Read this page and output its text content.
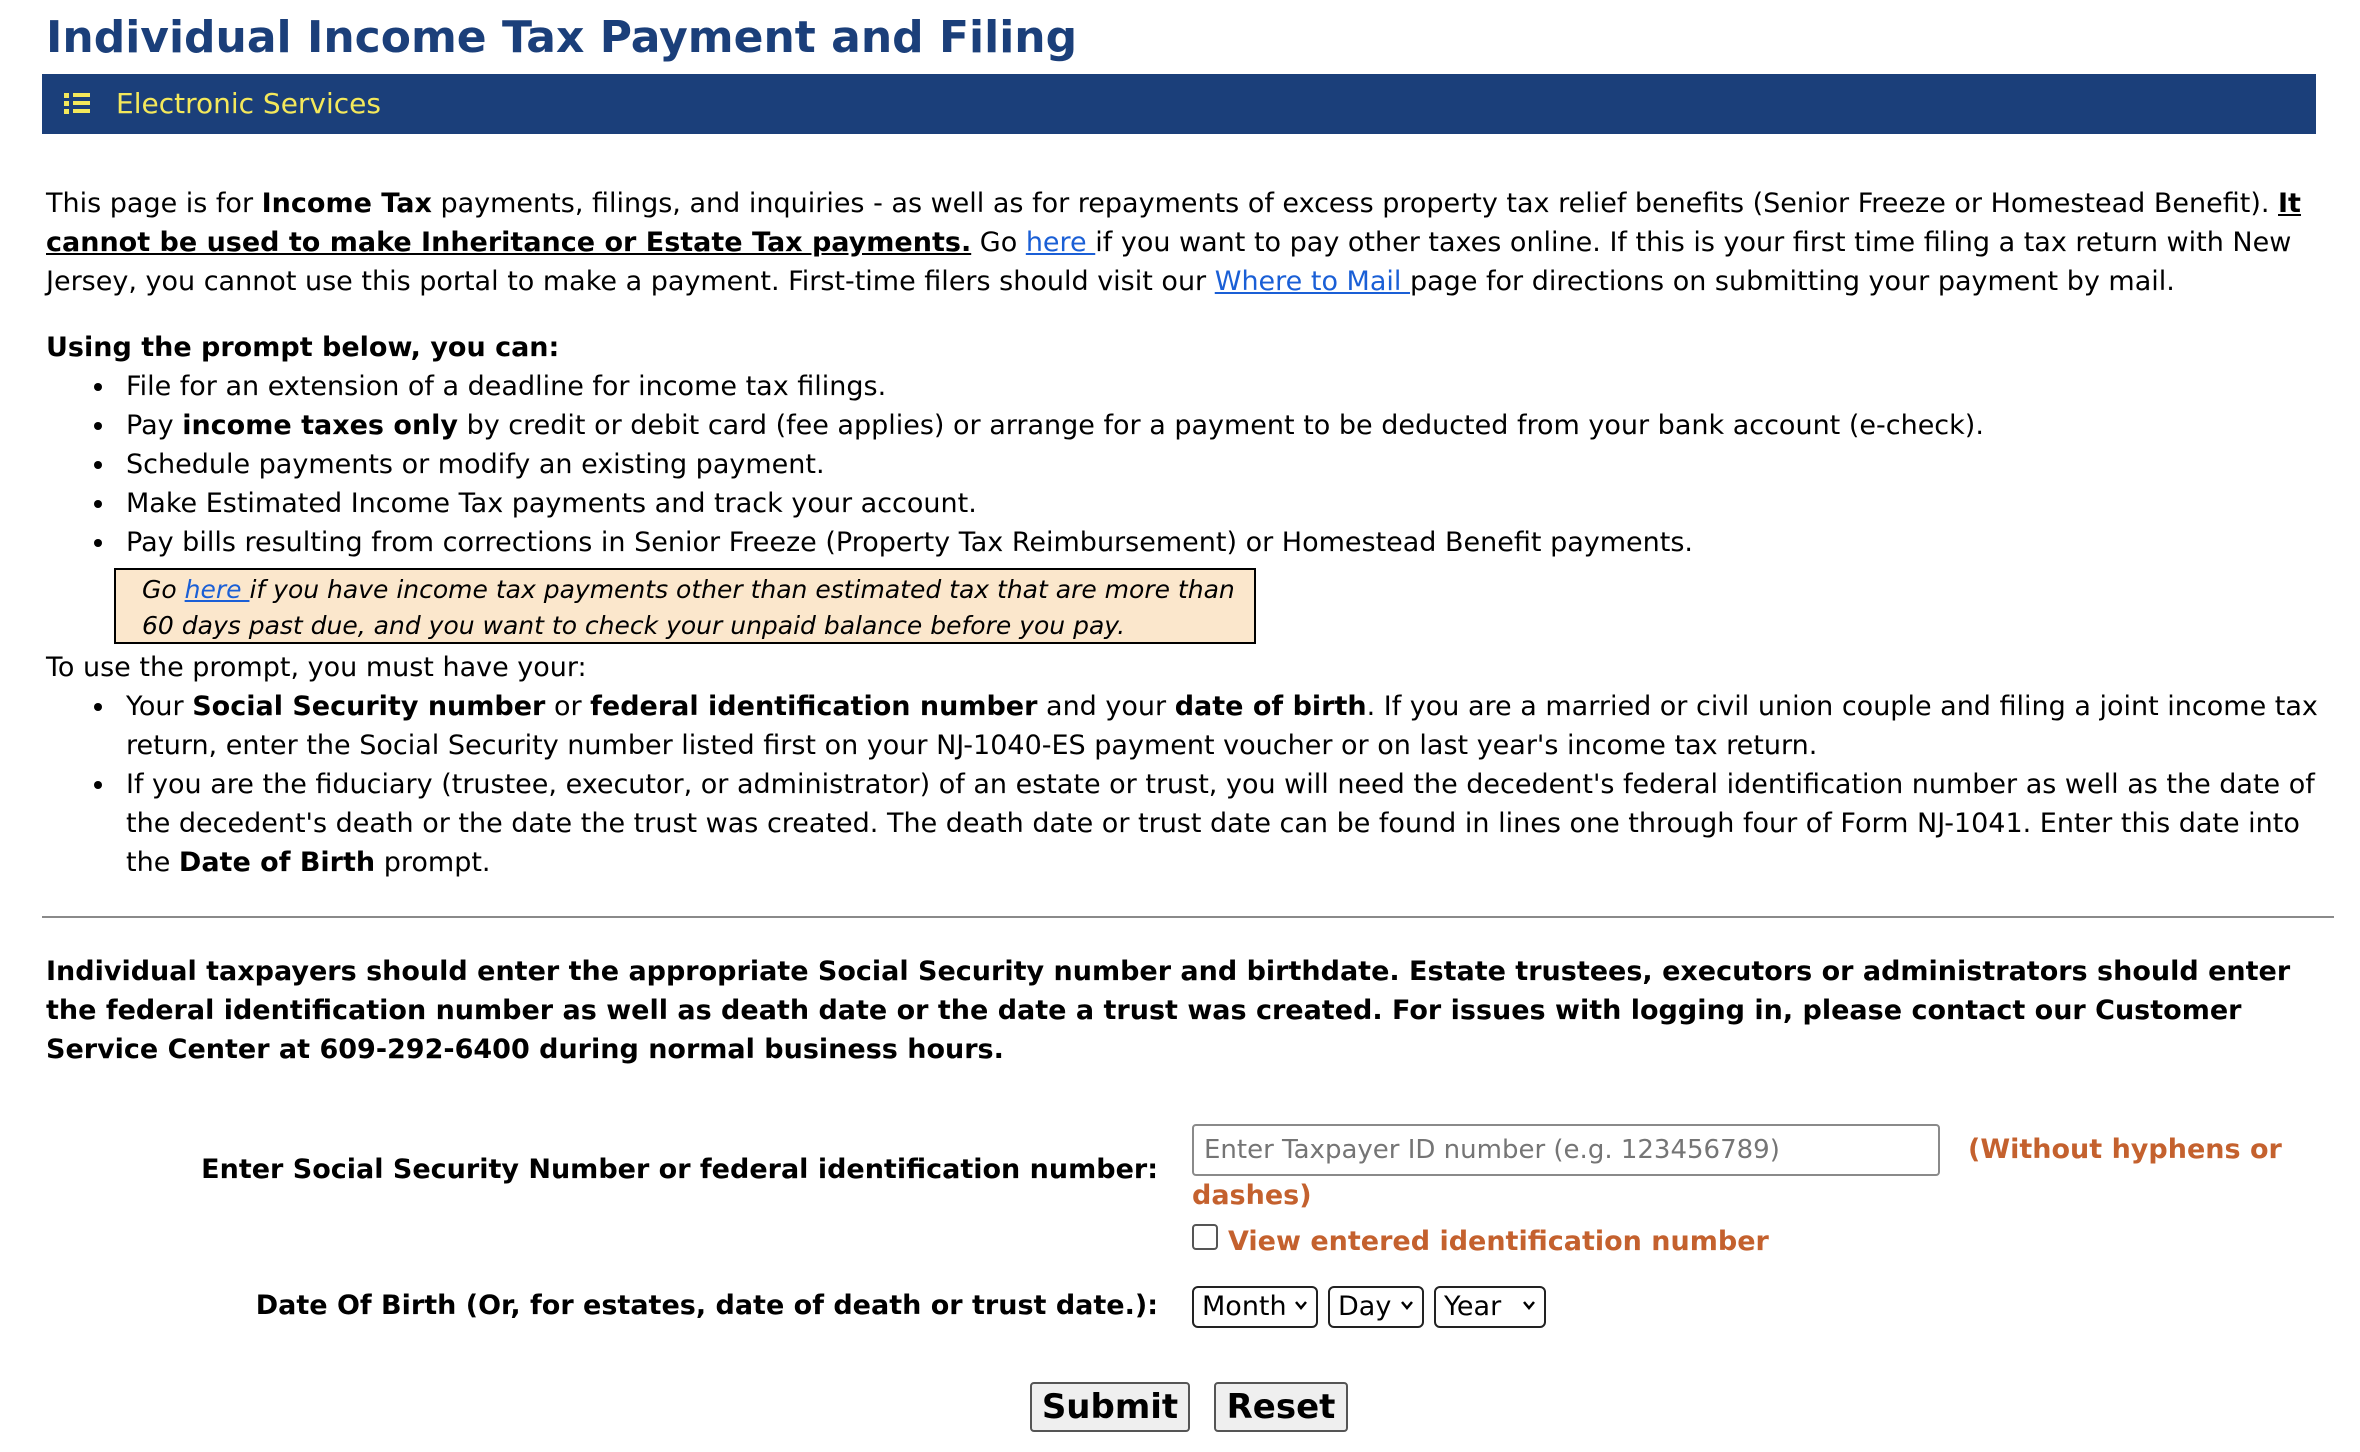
Individual Income Tax Payment and Filing
Electronic Services

This page is for Income Tax payments, filings, and inquiries - as well as for repayments of excess property tax relief benefits (Senior Freeze or Homestead Benefit). It cannot be used to make Inheritance or Estate Tax payments. Go here if you want to pay other taxes online. If this is your first time filing a tax return with New Jersey, you cannot use this portal to make a payment. First-time filers should visit our Where to Mail page for directions on submitting your payment by mail.

Using the prompt below, you can:

File for an extension of a deadline for income tax filings.
Pay income taxes only by credit or debit card (fee applies) or arrange for a payment to be deducted from your bank account (e-check).
Schedule payments or modify an existing payment.
Make Estimated Income Tax payments and track your account.
Pay bills resulting from corrections in Senior Freeze (Property Tax Reimbursement) or Homestead Benefit payments.
Go here if you have income tax payments other than estimated tax that are more than 60 days past due, and you want to check your unpaid balance before you pay.

To use the prompt, you must have your:

Your Social Security number or federal identification number and your date of birth. If you are a married or civil union couple and filing a joint income tax return, enter the Social Security number listed first on your NJ-1040-ES payment voucher or on last year's income tax return.
If you are the fiduciary (trustee, executor, or administrator) of an estate or trust, you will need the decedent's federal identification number as well as the date of the decedent's death or the date the trust was created. The death date or trust date can be found in lines one through four of Form NJ-1041. Enter this date into the Date of Birth prompt.
Individual taxpayers should enter the appropriate Social Security number and birthdate. Estate trustees, executors or administrators should enter the federal identification number as well as death date or the date a trust was created. For issues with logging in, please contact our Customer Service Center at 609-292-6400 during normal business hours.
Enter Social Security Number or federal identification number:
Enter Taxpayer ID number (e.g. 123456789)
(Without hyphens or
dashes)
View entered identification number
Date Of Birth (Or, for estates, date of death or trust date.): Month Day Year
Submit	Reset
